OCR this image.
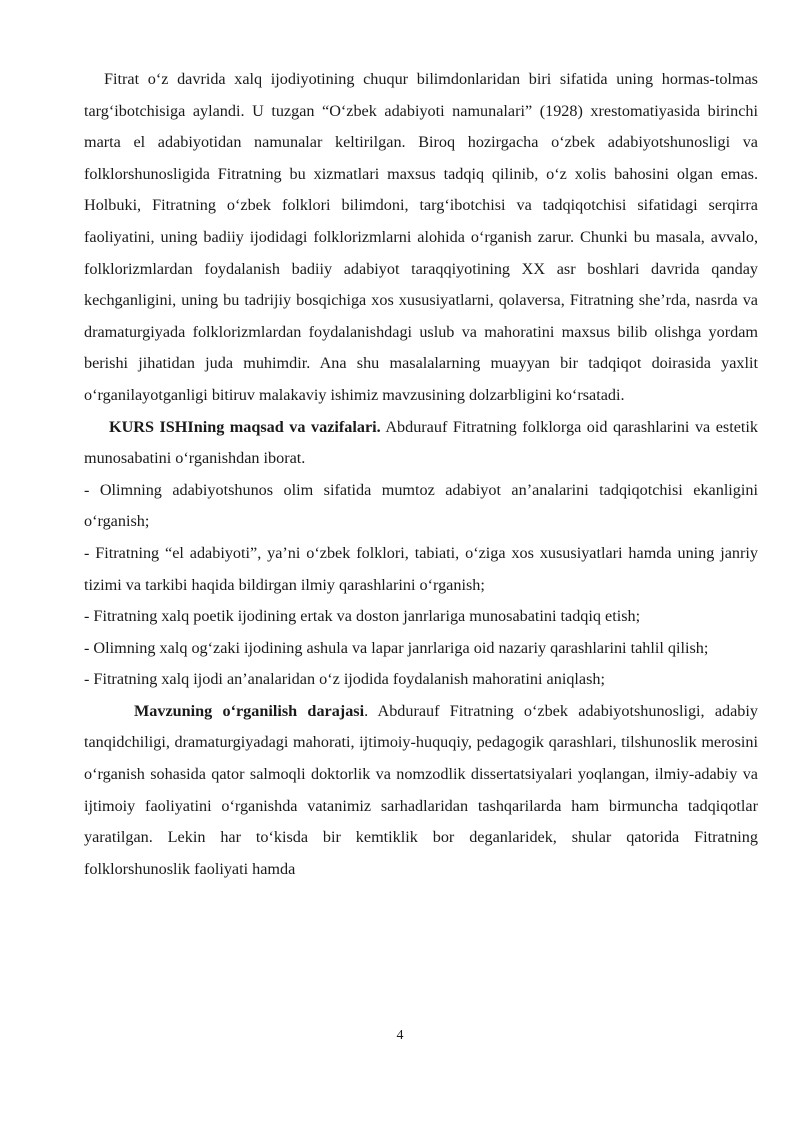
Fitrat o‘z davrida xalq ijodiyotining chuqur bilimdonlaridan biri sifatida uning hormas-tolmas targ‘ibotchisiga aylandi. U tuzgan “O‘zbek adabiyoti namunalari” (1928) xrestomatiyasida birinchi marta el adabiyotidan namunalar keltirilgan. Biroq hozirgacha o‘zbek adabiyotshunosligi va folklorshunosligida Fitratning bu xizmatlari maxsus tadqiq qilinib, o‘z xolis bahosini olgan emas. Holbuki, Fitratning o‘zbek folklori bilimdoni, targ‘ibotchisi va tadqiqotchisi sifatidagi serqirra faoliyatini, uning badiiy ijodidagi folklorizmlarni alohida o‘rganish zarur. Chunki bu masala, avvalo, folklorizmlardan foydalanish badiiy adabiyot taraqqiyotining XX asr boshlari davrida qanday kechganligini, uning bu tadrijiy bosqichiga xos xususiyatlarni, qolaversa, Fitratning she’rda, nasrda va dramaturgiyada folklorizmlardan foydalanishdagi uslub va mahoratini maxsus bilib olishga yordam berishi jihatidan juda muhimdir. Ana shu masalalarning muayyan bir tadqiqot doirasida yaxlit o‘rganilayotganligi bitiruv malakaviy ishimiz mavzusining dolzarbligini ko‘rsatadi.

KURS ISHIning maqsad va vazifalari. Abdurauf Fitratning folklorga oid qarashlarini va estetik munosabatini o‘rganishdan iborat.

- Olimning adabiyotshunos olim sifatida mumtoz adabiyot an’analarini tadqiqotchisi ekanligini o‘rganish;

- Fitratning “el adabiyoti”, ya’ni o‘zbek folklori, tabiati, o‘ziga xos xususiyatlari hamda uning janriy tizimi va tarkibi haqida bildirgan ilmiy qarashlarini o‘rganish;

- Fitratning xalq poetik ijodining ertak va doston janrlariga munosabatini tadqiq etish;

- Olimning xalq og‘zaki ijodining ashula va lapar janrlariga oid nazariy qarashlarini tahlil qilish;

- Fitratning xalq ijodi an’analaridan o‘z ijodida foydalanish mahoratini aniqlash;

Mavzuning o‘rganilish darajasi. Abdurauf Fitratning o‘zbek adabiyotshunosligi, adabiy tanqidchiligi, dramaturgiyadagi mahorati, ijtimoiy-huquqiy, pedagogik qarashlari, tilshunoslik merosini o‘rganish sohasida qator salmoqli doktorlik va nomzodlik dissertatsiyalari yoqlangan, ilmiy-adabiy va ijtimoiy faoliyatini o‘rganishda vatanimiz sarhadlaridan tashqarilarda ham birmuncha tadqiqotlar yaratilgan. Lekin har to‘kisda bir kemtiklik bor deganlaridek, shular qatorida Fitratning folklorshunoslik faoliyati hamda

4
